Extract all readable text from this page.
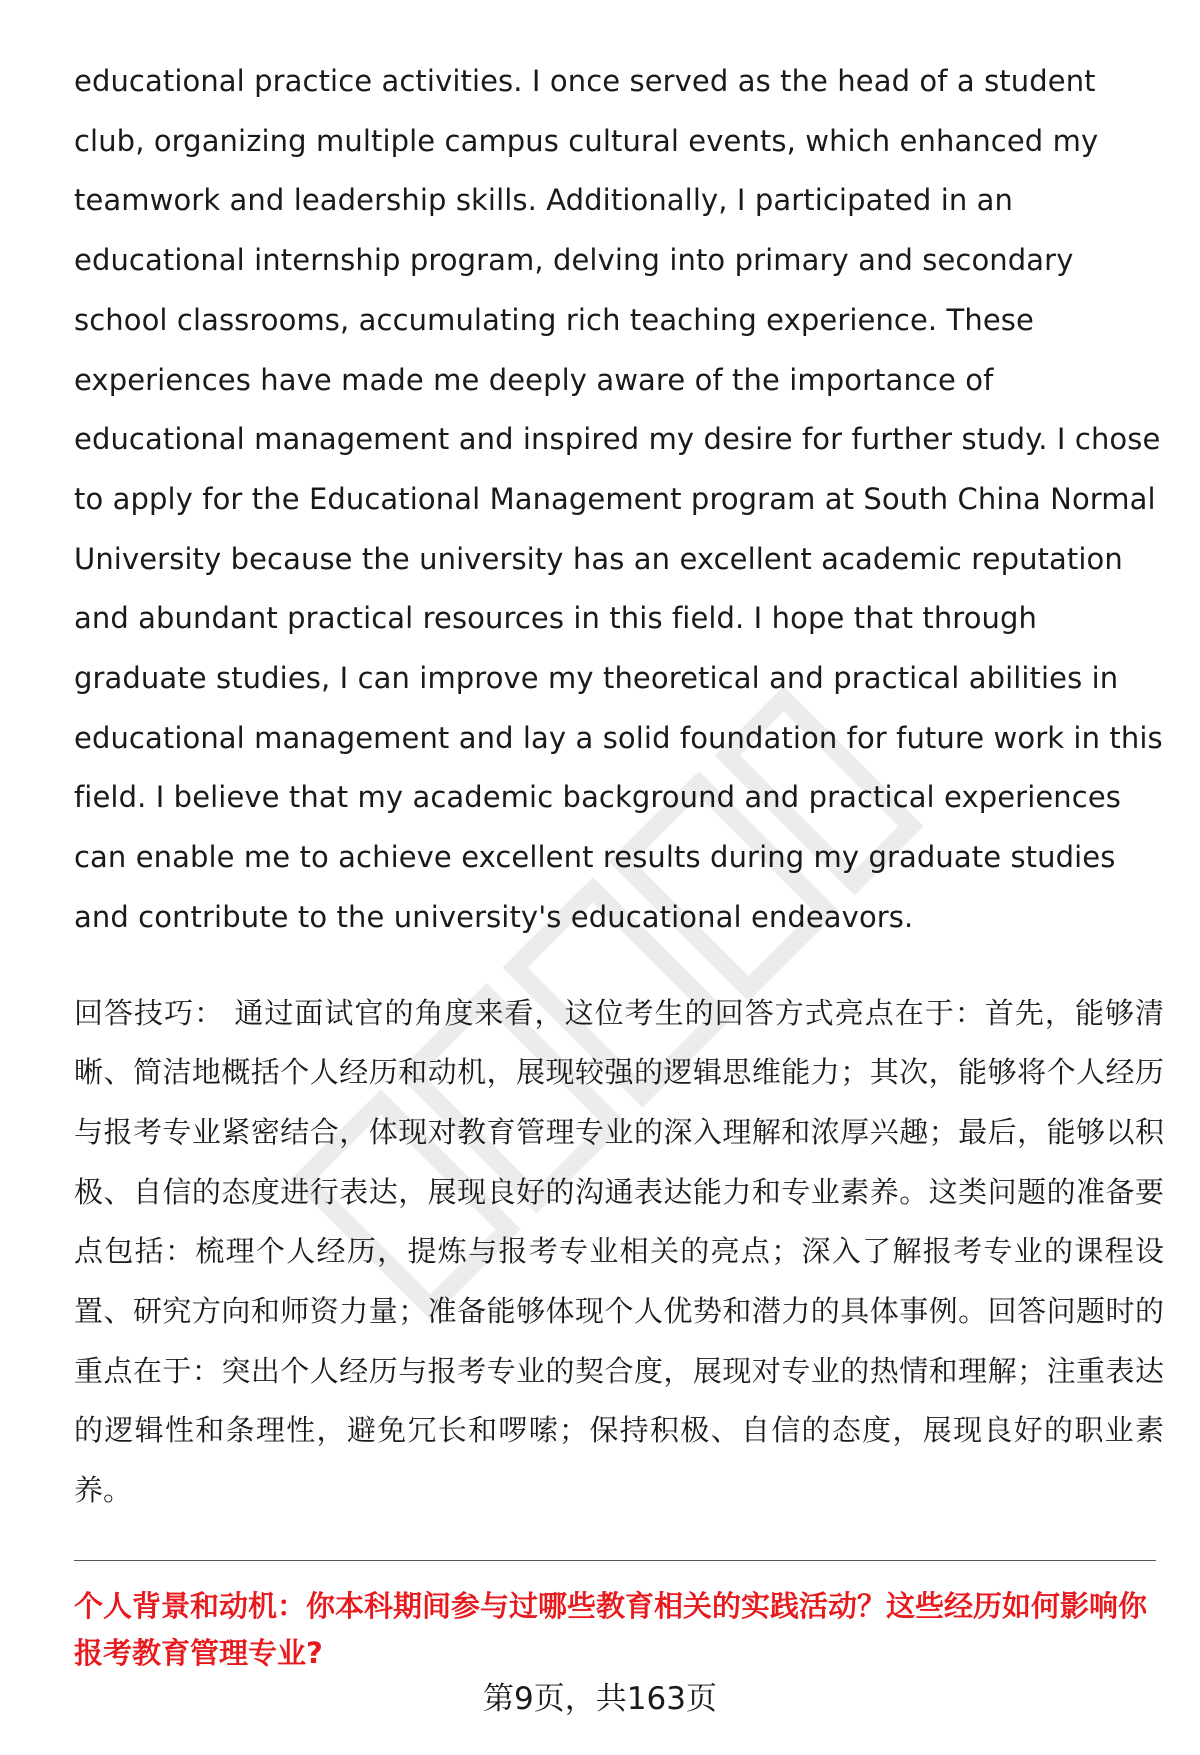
educational practice activities. I once served as the head of a student club, organizing multiple campus cultural events, which enhanced my teamwork and leadership skills. Additionally, I participated in an educational internship program, delving into primary and secondary school classrooms, accumulating rich teaching experience. These experiences have made me deeply aware of the importance of educational management and inspired my desire for further study. I chose to apply for the Educational Management program at South China Normal University because the university has an excellent academic reputation and abundant practical resources in this field. I hope that through graduate studies, I can improve my theoretical and practical abilities in educational management and lay a solid foundation for future work in this field. I believe that my academic background and practical experiences can enable me to achieve excellent results during my graduate studies and contribute to the university's educational endeavors.

回答技巧： 通过面试官的角度来看，这位考生的回答方式亮点在于：首先，能够清晰、简洁地概括个人经历和动机，展现较强的逻辑思维能力；其次，能够将个人经历与报考专业紧密结合，体现对教育管理专业的深入理解和浓厚兴趣；最后，能够以积极、自信的态度进行表达，展现良好的沟通表达能力和专业素养。这类问题的准备要点包括：梳理个人经历，提炼与报考专业相关的亮点；深入了解报考专业的课程设置、研究方向和师资力量；准备能够体现个人优势和潜力的具体事例。回答问题时的重点在于：突出个人经历与报考专业的契合度，展现对专业的热情和理解；注重表达的逻辑性和条理性，避免冗长和啰嗦；保持积极、自信的态度，展现良好的职业素养。

个人背景和动机：你本科期间参与过哪些教育相关的实践活动？这些经历如何影响你报考教育管理专业?

第9页，共163页
